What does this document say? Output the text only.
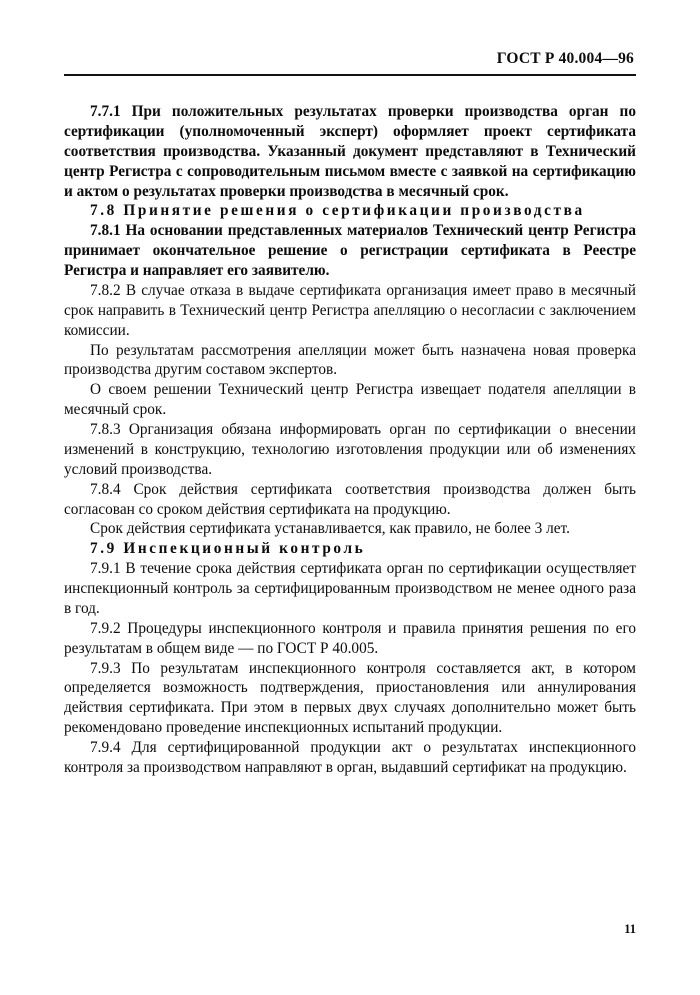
ГОСТ Р 40.004—96

7.7.1 При положительных результатах проверки производства орган по сертификации (уполномоченный эксперт) оформляет проект сертификата соответствия производства. Указанный документ представляют в Технический центр Регистра с сопроводительным письмом вместе с заявкой на сертификацию и актом о результатах проверки производства в месячный срок.

7.8 Принятие решения о сертификации производства

7.8.1 На основании представленных материалов Технический центр Регистра принимает окончательное решение о регистрации сертификата в Реестре Регистра и направляет его заявителю.

7.8.2 В случае отказа в выдаче сертификата организация имеет право в месячный срок направить в Технический центр Регистра апелляцию о несогласии с заключением комиссии.

По результатам рассмотрения апелляции может быть назначена новая проверка производства другим составом экспертов.

О своем решении Технический центр Регистра извещает подателя апелляции в месячный срок.

7.8.3 Организация обязана информировать орган по сертификации о внесении изменений в конструкцию, технологию изготовления продукции или об изменениях условий производства.

7.8.4 Срок действия сертификата соответствия производства должен быть согласован со сроком действия сертификата на продукцию.

Срок действия сертификата устанавливается, как правило, не более 3 лет.

7.9 Инспекционный контроль

7.9.1 В течение срока действия сертификата орган по сертификации осуществляет инспекционный контроль за сертифицированным производством не менее одного раза в год.

7.9.2 Процедуры инспекционного контроля и правила принятия решения по его результатам в общем виде — по ГОСТ Р 40.005.

7.9.3 По результатам инспекционного контроля составляется акт, в котором определяется возможность подтверждения, приостановления или аннулирования действия сертификата. При этом в первых двух случаях дополнительно может быть рекомендовано проведение инспекционных испытаний продукции.

7.9.4 Для сертифицированной продукции акт о результатах инспекционного контроля за производством направляют в орган, выдавший сертификат на продукцию.

11
